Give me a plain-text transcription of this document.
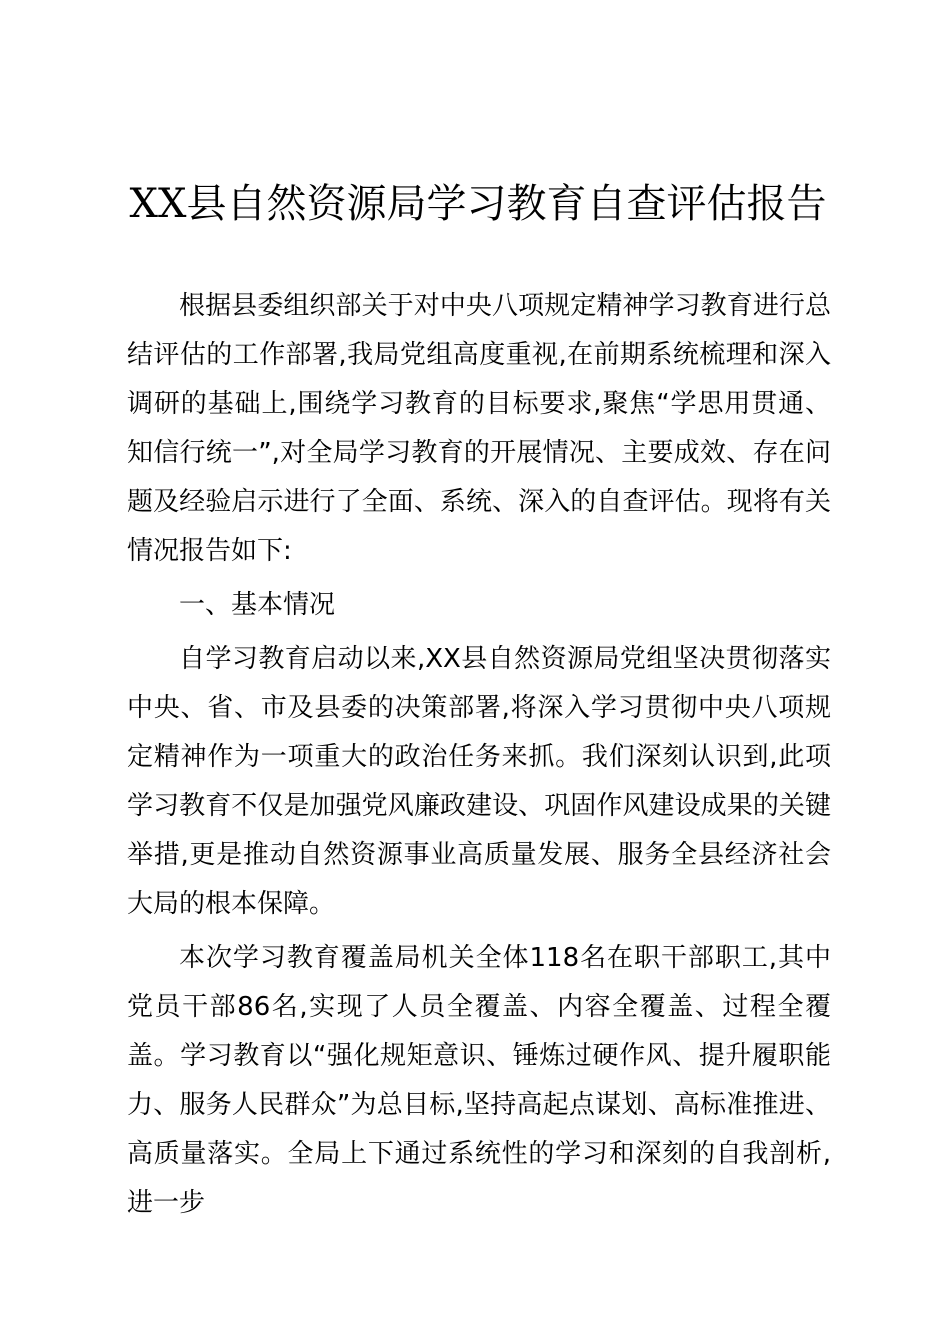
XX县自然资源局学习教育自查评估报告

根据县委组织部关于对中央八项规定精神学习教育进行总结评估的工作部署,我局党组高度重视,在前期系统梳理和深入调研的基础上,围绕学习教育的目标要求,聚焦“学思用贯通、知信行统一”,对全局学习教育的开展情况、主要成效、存在问题及经验启示进行了全面、系统、深入的自查评估。现将有关情况报告如下:

一、基本情况

自学习教育启动以来,XX县自然资源局党组坚决贯彻落实中央、省、市及县委的决策部署,将深入学习贯彻中央八项规定精神作为一项重大的政治任务来抓。我们深刻认识到,此项学习教育不仅是加强党风廉政建设、巩固作风建设成果的关键举措,更是推动自然资源事业高质量发展、服务全县经济社会大局的根本保障。

本次学习教育覆盖局机关全体118名在职干部职工,其中党员干部86名,实现了人员全覆盖、内容全覆盖、过程全覆盖。学习教育以“强化规矩意识、锤炼过硬作风、提升履职能力、服务人民群众”为总目标,坚持高起点谋划、高标准推进、高质量落实。全局上下通过系统性的学习和深刻的自我剖析,进一步
